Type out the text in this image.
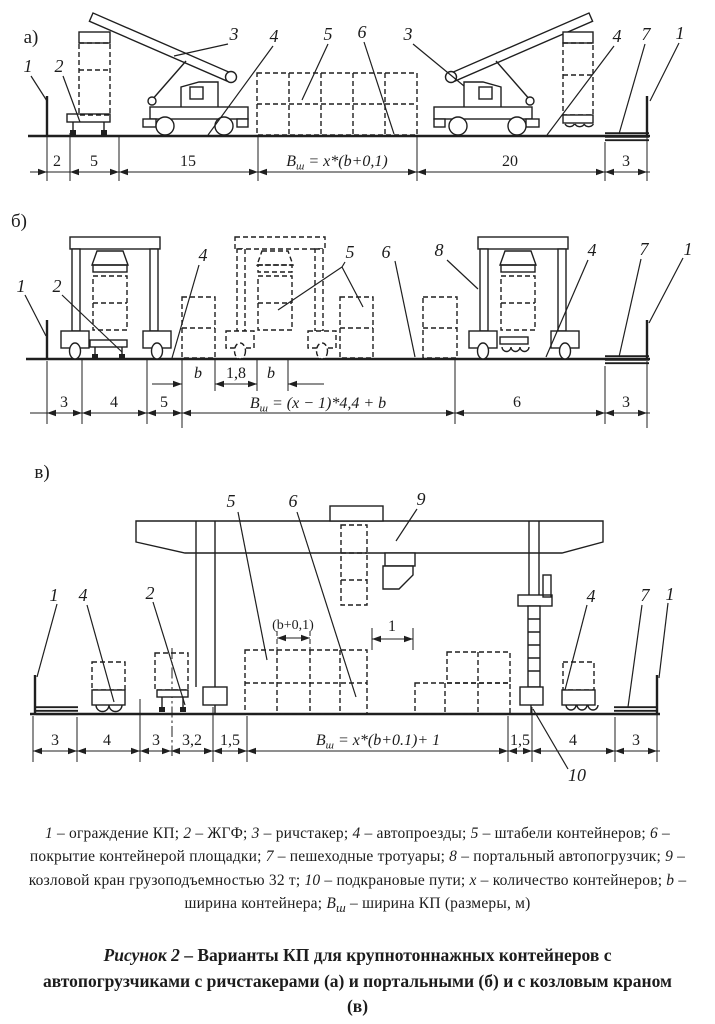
а)
1 2
3 4	5 6 3	4 7 1
2 5	15	20	3
$В_ш = x*(b+0,1)$
б)
1 2
4	5 6 8	4 7 1
b 1,8 b
3	4	5	6	3
$В_ш = (x - 1)*4,4 + b$
в)
(b+0,1)	1
1 4	2
5	6	9
4	7 1
10
3	4	3 3,2 1,5	1,5 4	3
$В_ш = x*(b+0.1)+ 1$
1 – ограждение КП; 2 – ЖГФ; 3 – ричстакер; 4 – автопроезды; 5 – штабели контейнеров; 6 – покрытие контейнерой площадки; 7 – пешеходные тротуары; 8 – портальный автопогрузчик; 9 – козловой кран грузоподъемностью 32 т; 10 – подкрановые пути; x – количество контейнеров; b – ширина контейнера; $В_ш$ – ширина КП (размеры, м)
Рисунок 2 – Варианты КП для крупнотоннажных контейнеров с автопогрузчиками с ричстакерами (а) и портальными (б) и с козловым краном (в)
